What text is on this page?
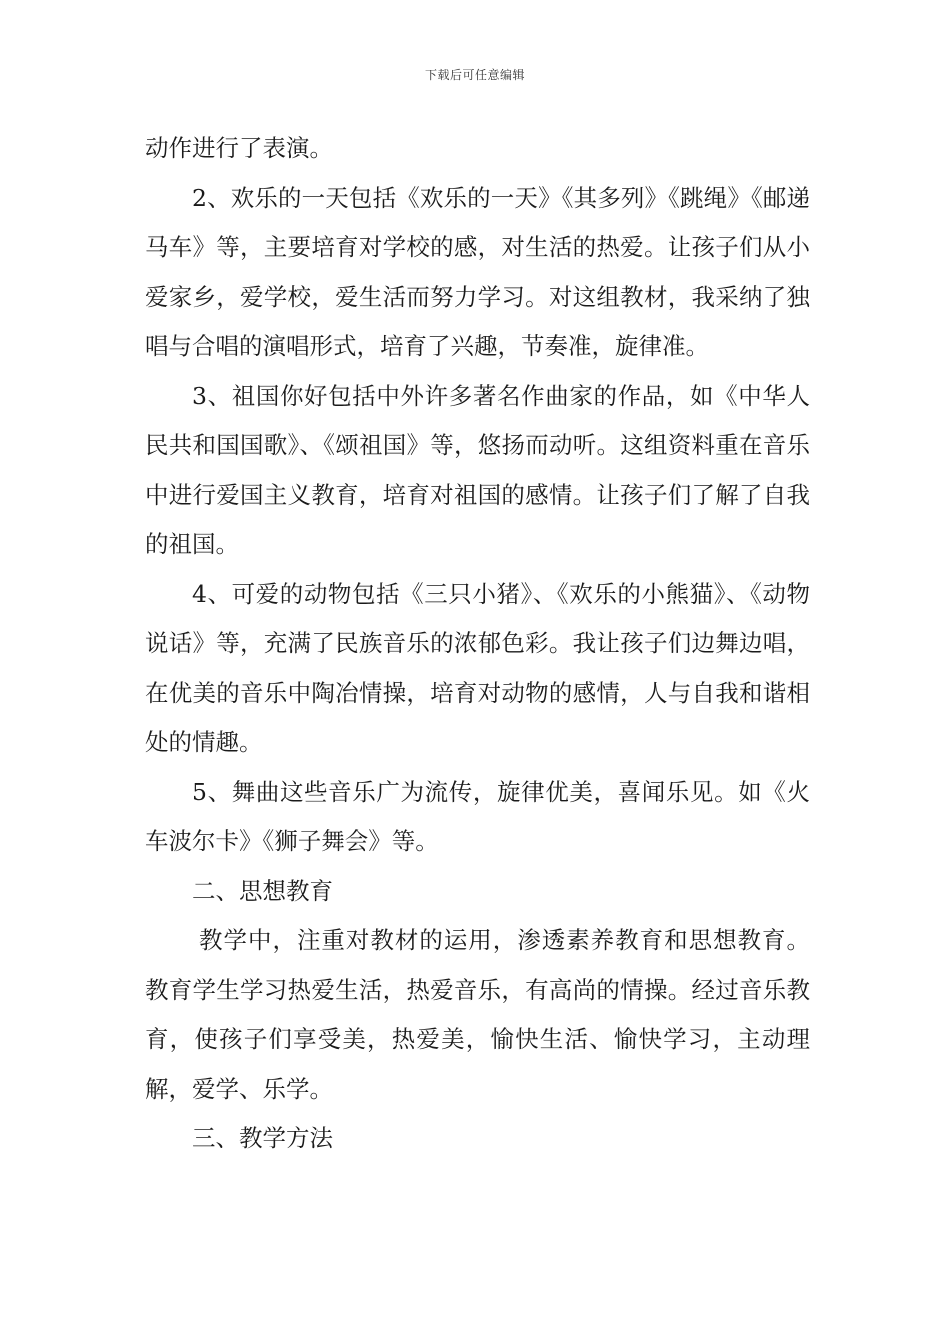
下载后可任意编辑

动作进行了表演。

2、欢乐的一天包括《欢乐的一天》《其多列》《跳绳》《邮递马车》等，主要培育对学校的感，对生活的热爱。让孩子们从小爱家乡，爱学校，爱生活而努力学习。对这组教材，我采纳了独唱与合唱的演唱形式，培育了兴趣，节奏准，旋律准。

3、祖国你好包括中外许多著名作曲家的作品，如《中华人民共和国国歌》、《颂祖国》等，悠扬而动听。这组资料重在音乐中进行爱国主义教育，培育对祖国的感情。让孩子们了解了自我的祖国。

4、可爱的动物包括《三只小猪》、《欢乐的小熊猫》、《动物说话》等，充满了民族音乐的浓郁色彩。我让孩子们边舞边唱，在优美的音乐中陶冶情操，培育对动物的感情，人与自我和谐相处的情趣。

5、舞曲这些音乐广为流传，旋律优美，喜闻乐见。如《火车波尔卡》《狮子舞会》等。

二、思想教育

教学中，注重对教材的运用，渗透素养教育和思想教育。教育学生学习热爱生活，热爱音乐，有高尚的情操。经过音乐教育，使孩子们享受美，热爱美，愉快生活、愉快学习，主动理解，爱学、乐学。

三、教学方法
